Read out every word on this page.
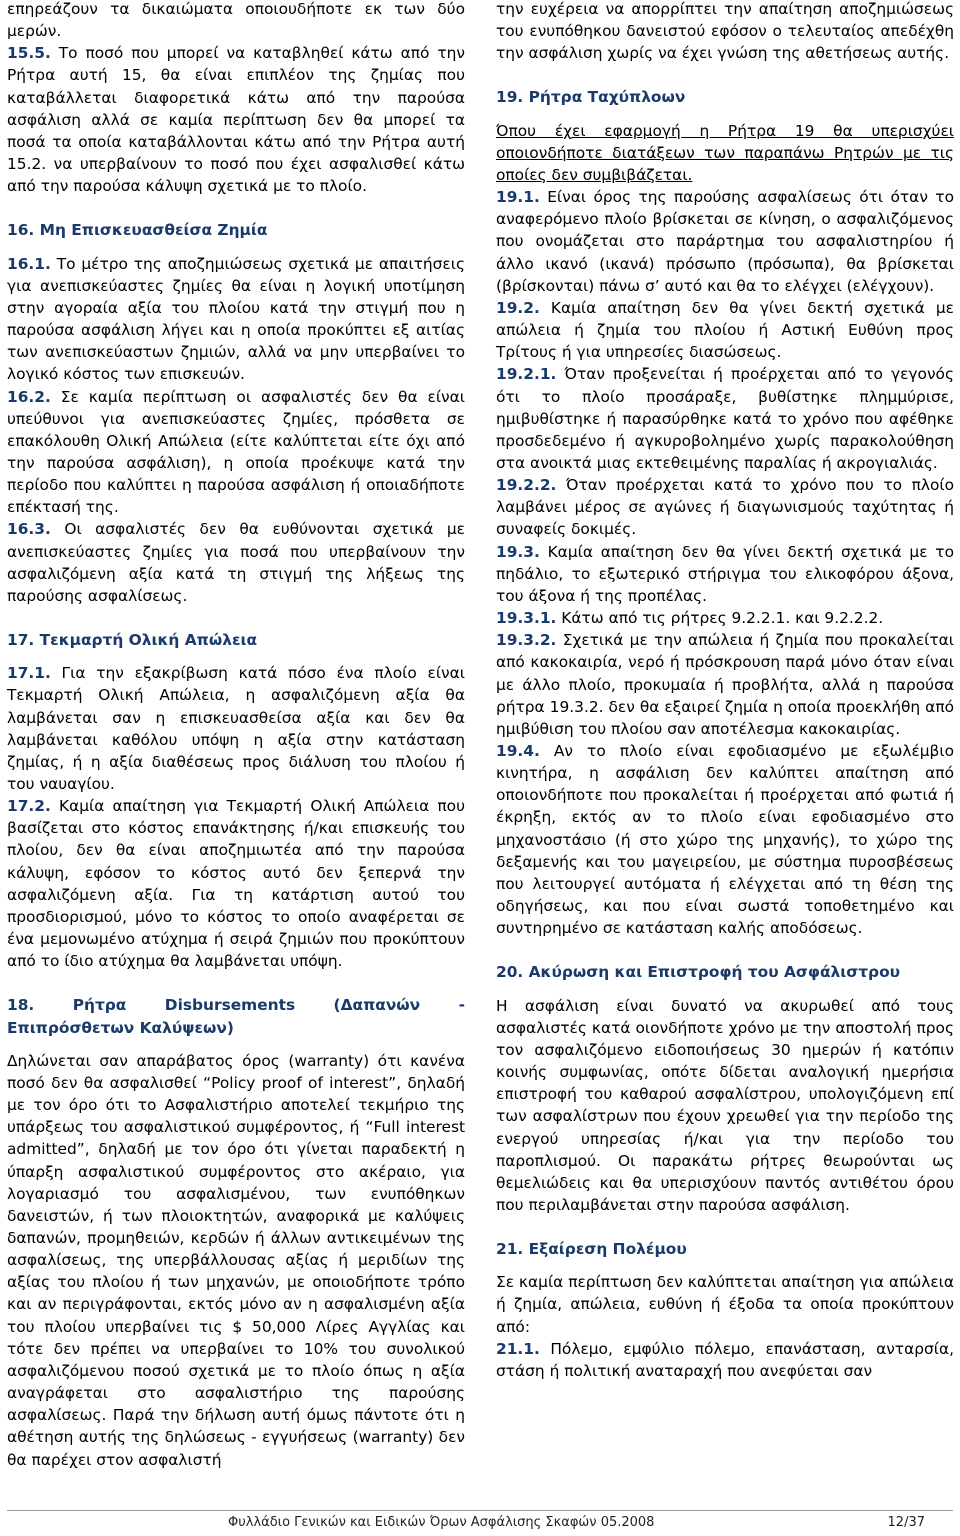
επηρεάζουν τα δικαιώματα οποιουδήποτε εκ των δύο μερών.

15.5. Το ποσό που μπορεί να καταβληθεί κάτω από την Ρήτρα αυτή 15, θα είναι επιπλέον της ζημίας που καταβάλλεται διαφορετικά κάτω από την παρούσα ασφάλιση αλλά σε καμία περίπτωση δεν θα μπορεί τα ποσά τα οποία καταβάλλονται κάτω από την Ρήτρα αυτή 15.2. να υπερβαίνουν το ποσό που έχει ασφαλισθεί κάτω από την παρούσα κάλυψη σχετικά με το πλοίο.

16. Μη Επισκευασθείσα Ζημία

16.1. Το μέτρο της αποζημιώσεως σχετικά με απαιτήσεις για ανεπισκεύαστες ζημίες θα είναι η λογική υποτίμηση στην αγοραία αξία του πλοίου κατά την στιγμή που η παρούσα ασφάλιση λήγει και η οποία προκύπτει εξ αιτίας των ανεπισκεύαστων ζημιών, αλλά να μην υπερβαίνει το λογικό κόστος των επισκευών.

16.2. Σε καμία περίπτωση οι ασφαλιστές δεν θα είναι υπεύθυνοι για ανεπισκεύαστες ζημίες, πρόσθετα σε επακόλουθη Ολική Απώλεια (είτε καλύπτεται είτε όχι από την παρούσα ασφάλιση), η οποία προέκυψε κατά την περίοδο που καλύπτει η παρούσα ασφάλιση ή οποιαδήποτε επέκτασή της.

16.3. Οι ασφαλιστές δεν θα ευθύνονται σχετικά με ανεπισκεύαστες ζημίες για ποσά που υπερβαίνουν την ασφαλιζόμενη αξία κατά τη στιγμή της λήξεως της παρούσης ασφαλίσεως.

17. Τεκμαρτή Ολική Απώλεια

17.1. Για την εξακρίβωση κατά πόσο ένα πλοίο είναι Τεκμαρτή Ολική Απώλεια, η ασφαλιζόμενη αξία θα λαμβάνεται σαν η επισκευασθείσα αξία και δεν θα λαμβάνεται καθόλου υπόψη η αξία στην κατάσταση ζημίας, ή η αξία διαθέσεως προς διάλυση του πλοίου ή του ναυαγίου.

17.2. Καμία απαίτηση για Τεκμαρτή Ολική Απώλεια που βασίζεται στο κόστος επανάκτησης ή/και επισκευής του πλοίου, δεν θα είναι αποζημιωτέα από την παρούσα κάλυψη, εφόσον το κόστος αυτό δεν ξεπερνά την ασφαλιζόμενη αξία. Για τη κατάρτιση αυτού του προσδιορισμού, μόνο το κόστος το οποίο αναφέρεται σε ένα μεμονωμένο ατύχημα ή σειρά ζημιών που προκύπτουν από το ίδιο ατύχημα θα λαμβάνεται υπόψη.

18. Ρήτρα Disbursements (Δαπανών - Επιπρόσθετων Καλύψεων)

Δηλώνεται σαν απαράβατος όρος (warranty) ότι κανένα ποσό δεν θα ασφαλισθεί “Policy proof of interest”, δηλαδή με τον όρο ότι το Ασφαλιστήριο αποτελεί τεκμήριο της υπάρξεως του ασφαλιστικού συμφέροντος, ή “Full interest admitted”, δηλαδή με τον όρο ότι γίνεται παραδεκτή η ύπαρξη ασφαλιστικού συμφέροντος στο ακέραιο, για λογαριασμό του ασφαλισμένου, των ενυπόθηκων δανειστών, ή των πλοιοκτητών, αναφορικά με καλύψεις δαπανών, προμηθειών, κερδών ή άλλων αντικειμένων της ασφαλίσεως, της υπερβάλλουσας αξίας ή μεριδίων της αξίας του πλοίου ή των μηχανών, με οποιοδήποτε τρόπο και αν περιγράφονται, εκτός μόνο αν η ασφαλισμένη αξία του πλοίου υπερβαίνει τις $ 50,000 Λίρες Αγγλίας και τότε δεν πρέπει να υπερβαίνει το 10% του συνολικού ασφαλιζόμενου ποσού σχετικά με το πλοίο όπως η αξία αναγράφεται στο ασφαλιστήριο της παρούσης ασφαλίσεως. Παρά την δήλωση αυτή όμως πάντοτε ότι η αθέτηση αυτής της δηλώσεως - εγγυήσεως (warranty) δεν θα παρέχει στον ασφαλιστή

την ευχέρεια να απορρίπτει την απαίτηση αποζημιώσεως του ενυπόθηκου δανειστού εφόσον ο τελευταίος απεδέχθη την ασφάλιση χωρίς να έχει γνώση της αθετήσεως αυτής.

19. Ρήτρα Ταχύπλοων

Όπου έχει εφαρμογή η Ρήτρα 19 θα υπερισχύει οποιονδήποτε διατάξεων των παραπάνω Ρητρών με τις οποίες δεν συμβιβάζεται.

19.1. Είναι όρος της παρούσης ασφαλίσεως ότι όταν το αναφερόμενο πλοίο βρίσκεται σε κίνηση, ο ασφαλιζόμενος που ονομάζεται στο παράρτημα του ασφαλιστηρίου ή άλλο ικανό (ικανά) πρόσωπο (πρόσωπα), θα βρίσκεται (βρίσκονται) πάνω σ’ αυτό και θα το ελέγχει (ελέγχουν).

19.2. Καμία απαίτηση δεν θα γίνει δεκτή σχετικά με απώλεια ή ζημία του πλοίου ή Αστική Ευθύνη προς Τρίτους ή για υπηρεσίες διασώσεως.

19.2.1. Όταν προξενείται ή προέρχεται από το γεγονός ότι το πλοίο προσάραξε, βυθίστηκε πλημμύρισε, ημιβυθίστηκε ή παρασύρθηκε κατά το χρόνο που αφέθηκε προσδεδεμένο ή αγκυροβολημένο χωρίς παρακολούθηση στα ανοικτά μιας εκτεθειμένης παραλίας ή ακρογιαλιάς.

19.2.2. Όταν προέρχεται κατά το χρόνο που το πλοίο λαμβάνει μέρος σε αγώνες ή διαγωνισμούς ταχύτητας ή συναφείς δοκιμές.

19.3. Καμία απαίτηση δεν θα γίνει δεκτή σχετικά με το πηδάλιο, το εξωτερικό στήριγμα του ελικοφόρου άξονα, του άξονα ή της προπέλας.

19.3.1. Κάτω από τις ρήτρες 9.2.2.1. και 9.2.2.2.

19.3.2. Σχετικά με την απώλεια ή ζημία που προκαλείται από κακοκαιρία, νερό ή πρόσκρουση παρά μόνο όταν είναι με άλλο πλοίο, προκυμαία ή προβλήτα, αλλά η παρούσα ρήτρα 19.3.2. δεν θα εξαιρεί ζημία η οποία προεκλήθη από ημιβύθιση του πλοίου σαν αποτέλεσμα κακοκαιρίας.

19.4. Αν το πλοίο είναι εφοδιασμένο με εξωλέμβιο κινητήρα, η ασφάλιση δεν καλύπτει απαίτηση από οποιονδήποτε που προκαλείται ή προέρχεται από φωτιά ή έκρηξη, εκτός αν το πλοίο είναι εφοδιασμένο στο μηχανοστάσιο (ή στο χώρο της μηχανής), το χώρο της δεξαμενής και του μαγειρείου, με σύστημα πυροσβέσεως που λειτουργεί αυτόματα ή ελέγχεται από τη θέση της οδηγήσεως, και που είναι σωστά τοποθετημένο και συντηρημένο σε κατάσταση καλής αποδόσεως.

20. Ακύρωση και Επιστροφή του Ασφάλιστρου

Η ασφάλιση είναι δυνατό να ακυρωθεί από τους ασφαλιστές κατά οιονδήποτε χρόνο με την αποστολή προς τον ασφαλιζόμενο ειδοποιήσεως 30 ημερών ή κατόπιν κοινής συμφωνίας, οπότε δίδεται αναλογική ημερήσια επιστροφή του καθαρού ασφαλίστρου, υπολογιζόμενη επί των ασφαλίστρων που έχουν χρεωθεί για την περίοδο της ενεργού υπηρεσίας ή/και για την περίοδο του παροπλισμού. Οι παρακάτω ρήτρες θεωρούνται ως θεμελιώδεις και θα υπερισχύουν παντός αντιθέτου όρου που περιλαμβάνεται στην παρούσα ασφάλιση.

21. Εξαίρεση Πολέμου

Σε καμία περίπτωση δεν καλύπτεται απαίτηση για απώλεια ή ζημία, απώλεια, ευθύνη ή έξοδα τα οποία προκύπτουν από:

21.1. Πόλεμο, εμφύλιο πόλεμο, επανάσταση, ανταρσία, στάση ή πολιτική αναταραχή που ανεφύεται σαν

Φυλλάδιο Γενικών και Ειδικών Όρων Ασφάλισης Σκαφών 05.2008	12/37
